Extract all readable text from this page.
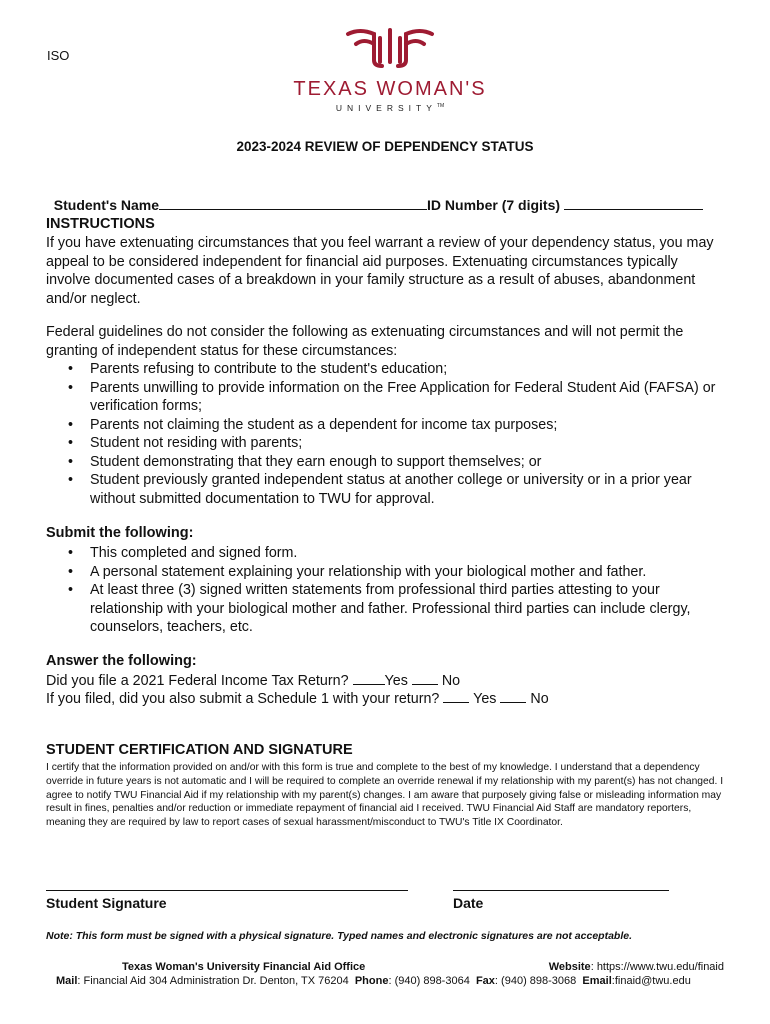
ISO
TEXAS WOMAN'S
UNIVERSITY™
2023-2024 REVIEW OF DEPENDENCY STATUS

Student's Name	ID Number (7 digits)

INSTRUCTIONS
If you have extenuating circumstances that you feel warrant a review of your dependency status, you may appeal to be considered independent for financial aid purposes. Extenuating circumstances typically involve documented cases of a breakdown in your family structure as a result of abuses, abandonment and/or neglect.
Federal guidelines do not consider the following as extenuating circumstances and will not permit the granting of independent status for these circumstances:
• Parents refusing to contribute to the student's education;
• Parents unwilling to provide information on the Free Application for Federal Student Aid (FAFSA) or verification forms;
• Parents not claiming the student as a dependent for income tax purposes;
• Student not residing with parents;
• Student demonstrating that they earn enough to support themselves; or
• Student previously granted independent status at another college or university or in a prior year without submitted documentation to TWU for approval.
Submit the following:
• This completed and signed form.
• A personal statement explaining your relationship with your biological mother and father.
• At least three (3) signed written statements from professional third parties attesting to your relationship with your biological mother and father. Professional third parties can include clergy, counselors, teachers, etc.
Answer the following:
Did you file a 2021 Federal Income Tax Return?	Yes No
If you filed, did you also submit a Schedule 1 with your return? Yes No
STUDENT CERTIFICATION AND SIGNATURE
I certify that the information provided on and/or with this form is true and complete to the best of my knowledge. I understand that a dependency override in future years is not automatic and I will be required to complete an override renewal if my relationship with my parent(s) has not changed. I agree to notify TWU Financial Aid if my relationship with my parent(s) changes. I am aware that purposely giving false or misleading information may result in fines, penalties and/or reduction or immediate repayment of financial aid I received. TWU Financial Aid Staff are mandatory reporters, meaning they are required by law to report cases of sexual harassment/misconduct to TWU's Title IX Coordinator.
Student Signature	Date
Note: This form must be signed with a physical signature. Typed names and electronic signatures are not acceptable.
Texas Woman's University Financial Aid Office	Website: https://www.twu.edu/finaid
Mail: Financial Aid 304 Administration Dr. Denton, TX 76204 Phone: (940) 898-3064 Fax: (940) 898-3068 Email:finaid@twu.edu
